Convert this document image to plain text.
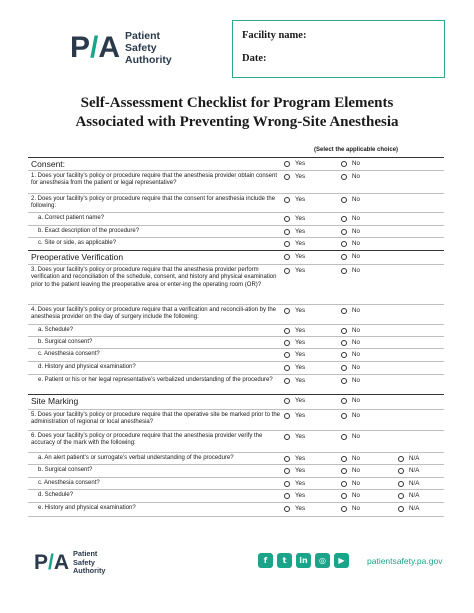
P/A Patient
Safety
Authority
Facility name:
Date:
Self-Assessment Checklist for Program Elements
Associated with Preventing Wrong-Site Anesthesia
(Select the applicable choice)
Consent:	Yes	No
1. Does your facility’s policy or procedure require that the anesthesia provider obtain consent for anesthesia from the patient or legal representative?
Yes	No
2. Does your facility’s policy or procedure require that the consent for anesthesia include the following:
Yes	No
a. Correct patient name?	Yes	No
b. Exact description of the procedure?	Yes	No
c. Site or side, as applicable?	Yes	No
Preoperative Verification	Yes	No
3. Does your facility’s policy or procedure require that the anesthesia provider perform verification and reconciliation of the schedule, consent, and history and physical examination prior to the patient leaving the preoperative area or enter-ing the operating room (OR)?
Yes	No
4. Does your facility’s policy or procedure require that a verification and reconcili-ation by the anesthesia provider on the day of surgery include the following:
Yes	No
a. Schedule?	Yes	No
b. Surgical consent?	Yes	No
c. Anesthesia consent?	Yes	No
d. History and physical examination?	Yes	No
e. Patient or his or her legal representative’s verbalized understanding of the procedure?	Yes	No
Site Marking	Yes	No
5. Does your facility’s policy or procedure require that the operative site be marked prior to the administration of regional or local anesthesia?
Yes	No
6. Does your facility’s policy or procedure require that the anesthesia provider verify the accuracy of the mark with the following:
Yes	No
a. An alert patient’s or surrogate’s verbal understanding of the procedure?	Yes	No	N/A
b. Surgical consent?	Yes	No	N/A
c. Anesthesia consent?	Yes	No	N/A
d. Schedule?	Yes	No	N/A
e. History and physical examination?	Yes	No	N/A
P/A Patient
Safety
Authority
f	t	in	◎	▶	patientsafety.pa.gov
